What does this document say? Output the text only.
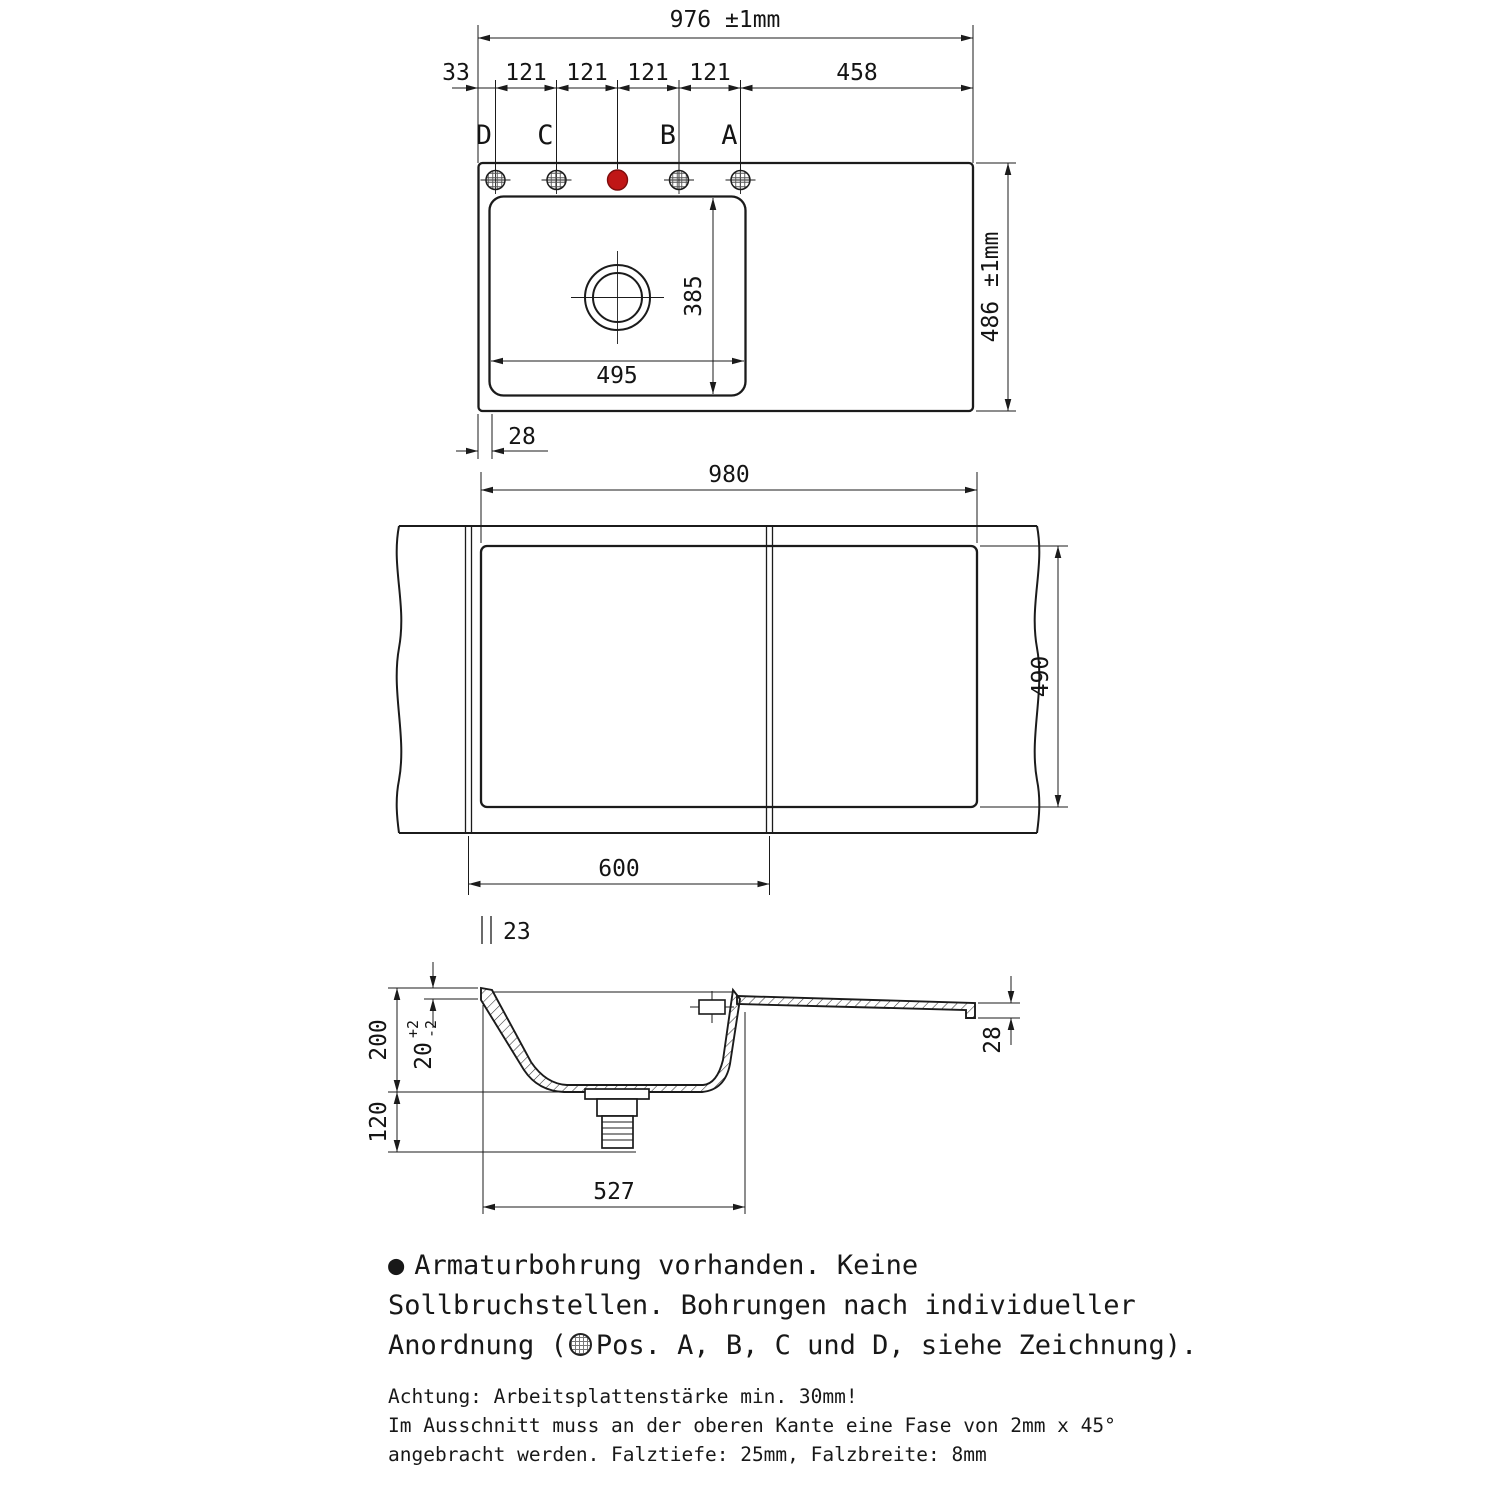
976 ±1mm
33 121 121 121 121	458
D C	B A
385
495
486 ±1mm
28
980
490
600
23
200 20
+2 -2
120
28
527
● Armaturbohrung vorhanden. Keine
Sollbruchstellen. Bohrungen nach individueller
Anordnung ( Pos. A, B, C und D, siehe Zeichnung).
Achtung: Arbeitsplattenstärke min. 30mm!
Im Ausschnitt muss an der oberen Kante eine Fase von 2mm x 45°
angebracht werden. Falztiefe: 25mm, Falzbreite: 8mm
